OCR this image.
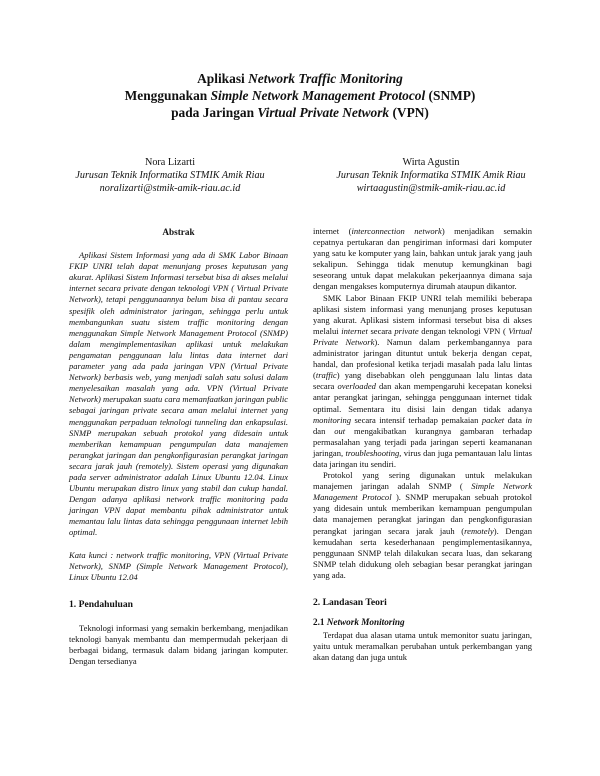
Aplikasi Network Traffic Monitoring
Menggunakan Simple Network Management Protocol (SNMP)
pada Jaringan Virtual Private Network (VPN)
Nora Lizarti
Jurusan Teknik Informatika STMIK Amik Riau
noralizarti@stmik-amik-riau.ac.id
Wirta Agustin
Jurusan Teknik Informatika STMIK Amik Riau
wirtaagustin@stmik-amik-riau.ac.id
Abstrak

Aplikasi Sistem Informasi yang ada di SMK Labor Binaan FKIP UNRI telah dapat menunjang proses keputusan yang akurat. Aplikasi Sistem Informasi tersebut bisa di akses melalui internet secara private dengan teknologi VPN ( Virtual Private Network), tetapi penggunaannya belum bisa di pantau secara spesifik oleh administrator jaringan, sehingga perlu untuk membangunkan suatu sistem traffic monitoring dengan menggunakan Simple Network Management Protocol (SNMP) dalam mengimplementasikan aplikasi untuk melakukan pengamatan penggunaan lalu lintas data internet dari parameter yang ada pada jaringan VPN (Virtual Private Network) berbasis web, yang menjadi salah satu solusi dalam menyelesaikan masalah yang ada. VPN (Virtual Private Network) merupakan suatu cara memanfaatkan jaringan public sebagai jaringan private secara aman melalui internet yang menggunakan perpaduan teknologi tunneling dan enkapsulasi. SNMP merupakan sebuah protokol yang didesain untuk memberikan kemampuan pengumpulan data manajemen perangkat jaringan dan pengkonfigurasian perangkat jaringan secara jarak jauh (remotely). Sistem operasi yang digunakan pada server administrator adalah Linux Ubuntu 12.04. Linux Ubuntu merupakan distro linux yang stabil dan cukup handal. Dengan adanya aplikasi network traffic monitoring pada jaringan VPN dapat membantu pihak administrator untuk memantau lalu lintas data sehingga penggunaan internet lebih optimal.

Kata kunci : network traffic monitoring, VPN (Virtual Private Network), SNMP (Simple Network Management Protocol), Linux Ubuntu 12.04

1. Pendahuluan

Teknologi informasi yang semakin berkembang, menjadikan teknologi banyak membantu dan mempermudah pekerjaan di berbagai bidang, termasuk dalam bidang jaringan komputer. Dengan tersedianya

internet (interconnection network) menjadikan semakin cepatnya pertukaran dan pengiriman informasi dari komputer yang satu ke komputer yang lain, bahkan untuk jarak yang jauh sekalipun. Sehingga tidak menutup kemungkinan bagi seseorang untuk dapat melakukan pekerjaannya dimana saja dengan mengakses komputernya dirumah ataupun dikantor.

SMK Labor Binaan FKIP UNRI telah memiliki beberapa aplikasi sistem informasi yang menunjang proses keputusan yang akurat. Aplikasi sistem informasi tersebut bisa di akses melalui internet secara private dengan teknologi VPN ( Virtual Private Network). Namun dalam perkembangannya para administrator jaringan dituntut untuk bekerja dengan cepat, handal, dan profesional ketika terjadi masalah pada lalu lintas (traffic) yang disebabkan oleh penggunaan lalu lintas data secara overloaded dan akan mempengaruhi kecepatan koneksi antar perangkat jaringan, sehingga penggunaan internet tidak optimal. Sementara itu disisi lain dengan tidak adanya monitoring secara intensif terhadap pemakaian packet data in dan out mengakibatkan kurangnya gambaran terhadap permasalahan yang terjadi pada jaringan seperti keamananan jaringan, troubleshooting, virus dan juga pemantauan lalu lintas data jaringan itu sendiri.

Protokol yang sering digunakan untuk melakukan manajemen jaringan adalah SNMP ( Simple Network Management Protocol ). SNMP merupakan sebuah protokol yang didesain untuk memberikan kemampuan pengumpulan data manajemen perangkat jaringan dan pengkonfigurasian perangkat jaringan secara jarak jauh (remotely). Dengan kemudahan serta kesederhanaan pengimplementasikannya, penggunaan SNMP telah dilakukan secara luas, dan sekarang SNMP telah didukung oleh sebagian besar perangkat jaringan yang ada.

2. Landasan Teori
2.1 Network Monitoring

Terdapat dua alasan utama untuk memonitor suatu jaringan, yaitu untuk meramalkan perubahan untuk perkembangan yang akan datang dan juga untuk
